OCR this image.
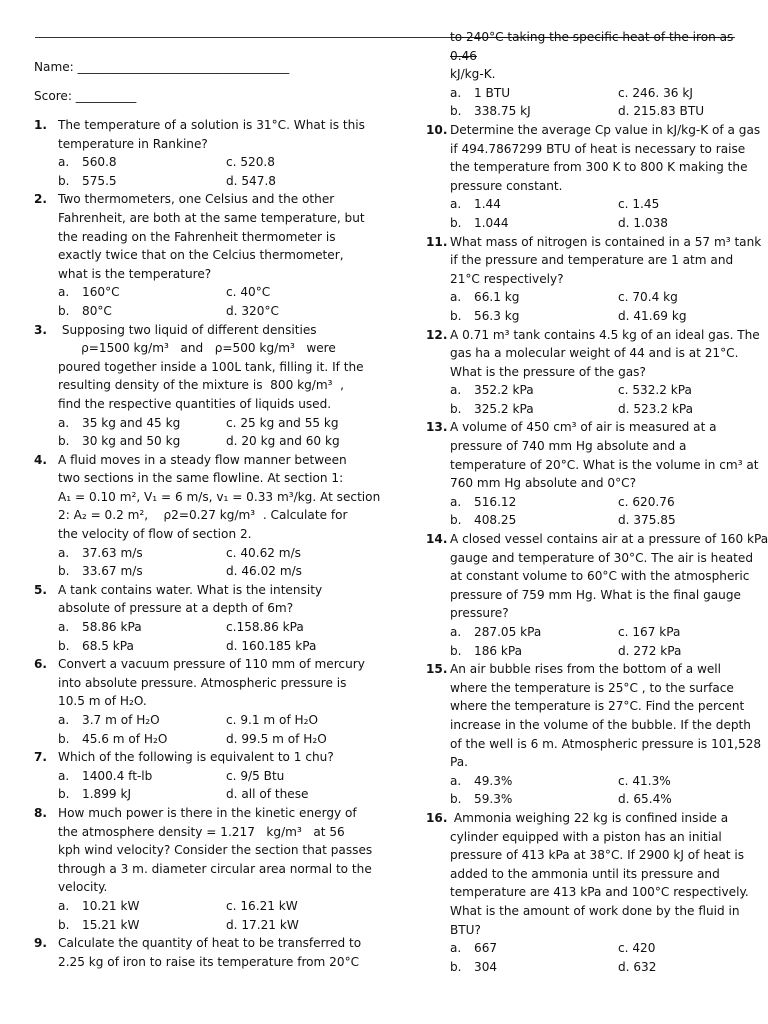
Name: ___________________________________
Score: __________
1. The temperature of a solution is 31°C. What is this
temperature in Rankine?
a.	560.8	c. 520.8
b.	575.5	d. 547.8
2. Two thermometers, one Celsius and the other
Fahrenheit, are both at the same temperature, but
the reading on the Fahrenheit thermometer is
exactly twice that on the Celcius thermometer,
what is the temperature?
a.	160°C	c. 40°C
b.	80°C	d. 320°C
3. Supposing two liquid of different densities
ρ=1500 kg/m³   and   ρ=500 kg/m³   were
poured together inside a 100L tank, filling it. If the
resulting density of the mixture is  800 kg/m³  ,
find the respective quantities of liquids used.
a.	35 kg and 45 kg	c. 25 kg and 55 kg
b.	30 kg and 50 kg	d. 20 kg and 60 kg
4. A fluid moves in a steady flow manner between
two sections in the same flowline. At section 1:
A₁ = 0.10 m², V₁ = 6 m/s, v₁ = 0.33 m³/kg. At section
2: A₂ = 0.2 m²,    ρ2=0.27 kg/m³  . Calculate for
the velocity of flow of section 2.
a.	37.63 m/s	c. 40.62 m/s
b.	33.67 m/s	d. 46.02 m/s
5. A tank contains water. What is the intensity
absolute of pressure at a depth of 6m?
a.	58.86 kPa	c.158.86 kPa
b.	68.5 kPa	d. 160.185 kPa
6. Convert a vacuum pressure of 110 mm of mercury
into absolute pressure. Atmospheric pressure is
10.5 m of H₂O.
a.	3.7 m of H₂O	c. 9.1 m of H₂O
b.	45.6 m of H₂O	d. 99.5 m of H₂O
7. Which of the following is equivalent to 1 chu?
a.	1400.4 ft-lb	c. 9/5 Btu
b.	1.899 kJ	d. all of these
8. How much power is there in the kinetic energy of
the atmosphere density = 1.217   kg/m³   at 56
kph wind velocity? Consider the section that passes
through a 3 m. diameter circular area normal to the
velocity.
a.	10.21 kW	c. 16.21 kW
b.	15.21 kW	d. 17.21 kW
9. Calculate the quantity of heat to be transferred to
2.25 kg of iron to raise its temperature from 20°C
to 240°C taking the specific heat of the iron as 0.46
kJ/kg-K.
a.	1 BTU	c. 246. 36 kJ
b.	338.75 kJ	d. 215.83 BTU
10. Determine the average Cp value in kJ/kg-K of a gas
if 494.7867299 BTU of heat is necessary to raise
the temperature from 300 K to 800 K making the
pressure constant.
a.	1.44	c. 1.45
b.	1.044	d. 1.038
11. What mass of nitrogen is contained in a 57 m³ tank
if the pressure and temperature are 1 atm and
21°C respectively?
a.	66.1 kg	c. 70.4 kg
b.	56.3 kg	d. 41.69 kg
12. A 0.71 m³ tank contains 4.5 kg of an ideal gas. The
gas ha a molecular weight of 44 and is at 21°C.
What is the pressure of the gas?
a.	352.2 kPa	c. 532.2 kPa
b.	325.2 kPa	d. 523.2 kPa
13. A volume of 450 cm³ of air is measured at a
pressure of 740 mm Hg absolute and a
temperature of 20°C. What is the volume in cm³ at
760 mm Hg absolute and 0°C?
a.	516.12	c. 620.76
b.	408.25	d. 375.85
14. A closed vessel contains air at a pressure of 160 kPa
gauge and temperature of 30°C. The air is heated
at constant volume to 60°C with the atmospheric
pressure of 759 mm Hg. What is the final gauge
pressure?
a.	287.05 kPa	c. 167 kPa
b.	186 kPa	d. 272 kPa
15. An air bubble rises from the bottom of a well
where the temperature is 25°C , to the surface
where the temperature is 27°C. Find the percent
increase in the volume of the bubble. If the depth
of the well is 6 m. Atmospheric pressure is 101,528
Pa.
a.	49.3%	c. 41.3%
b.	59.3%	d. 65.4%
16. Ammonia weighing 22 kg is confined inside a
cylinder equipped with a piston has an initial
pressure of 413 kPa at 38°C. If 2900 kJ of heat is
added to the ammonia until its pressure and
temperature are 413 kPa and 100°C respectively.
What is the amount of work done by the fluid in
BTU?
a.	667	c. 420
b.	304	d. 632
